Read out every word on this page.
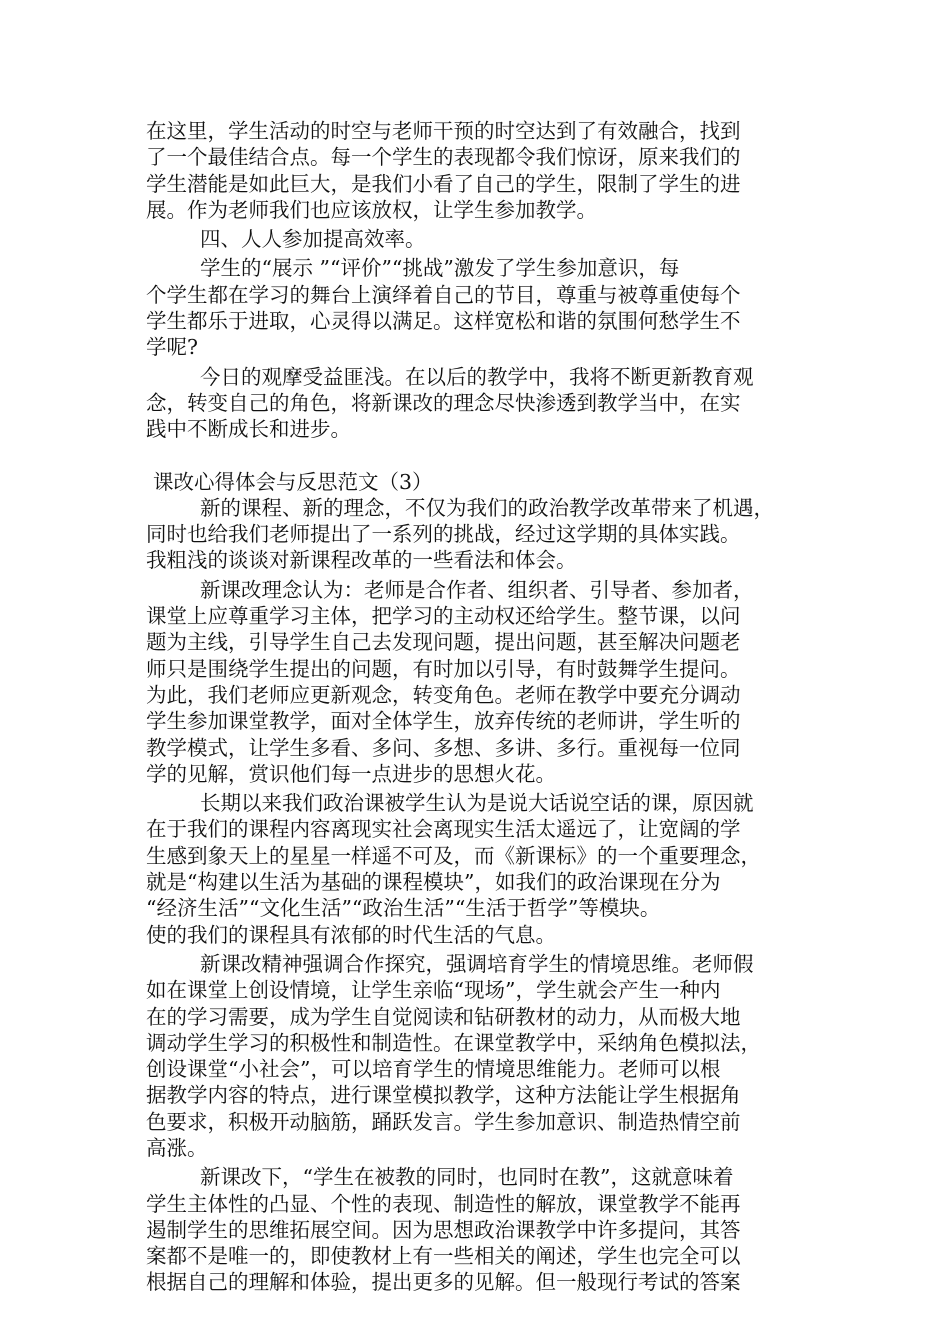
在这里，学生活动的时空与老师干预的时空达到了有效融合，找到
了一个最佳结合点。每一个学生的表现都令我们惊讶，原来我们的
学生潜能是如此巨大，是我们小看了自己的学生，限制了学生的进
展。作为老师我们也应该放权，让学生参加教学。
四、人人参加提高效率。
学生的“展示 ”“评价”“挑战”激发了学生参加意识，每
个学生都在学习的舞台上演绎着自己的节目，尊重与被尊重使每个
学生都乐于进取，心灵得以满足。这样宽松和谐的氛围何愁学生不
学呢?
今日的观摩受益匪浅。在以后的教学中，我将不断更新教育观
念，转变自己的角色，将新课改的理念尽快渗透到教学当中，在实
践中不断成长和进步。
课改心得体会与反思范文（3）
新的课程、新的理念，不仅为我们的政治教学改革带来了机遇，
同时也给我们老师提出了一系列的挑战，经过这学期的具体实践。
我粗浅的谈谈对新课程改革的一些看法和体会。
新课改理念认为：老师是合作者、组织者、引导者、参加者，
课堂上应尊重学习主体，把学习的主动权还给学生。整节课，以问
题为主线，引导学生自己去发现问题，提出问题，甚至解决问题老
师只是围绕学生提出的问题，有时加以引导，有时鼓舞学生提问。
为此，我们老师应更新观念，转变角色。老师在教学中要充分调动
学生参加课堂教学，面对全体学生，放弃传统的老师讲，学生听的
教学模式，让学生多看、多问、多想、多讲、多行。重视每一位同
学的见解，赏识他们每一点进步的思想火花。
长期以来我们政治课被学生认为是说大话说空话的课，原因就
在于我们的课程内容离现实社会离现实生活太遥远了，让宽阔的学
生感到象天上的星星一样遥不可及，而《新课标》的一个重要理念，
就是“构建以生活为基础的课程模块”，如我们的政治课现在分为
“经济生活”“文化生活”“政治生活”“生活于哲学”等模块。
使的我们的课程具有浓郁的时代生活的气息。
新课改精神强调合作探究，强调培育学生的情境思维。老师假
如在课堂上创设情境，让学生亲临“现场”，学生就会产生一种内
在的学习需要，成为学生自觉阅读和钻研教材的动力，从而极大地
调动学生学习的积极性和制造性。在课堂教学中，采纳角色模拟法，
创设课堂“小社会”，可以培育学生的情境思维能力。老师可以根
据教学内容的特点，进行课堂模拟教学，这种方法能让学生根据角
色要求，积极开动脑筋，踊跃发言。学生参加意识、制造热情空前
高涨。
新课改下，“学生在被教的同时，也同时在教”，这就意味着
学生主体性的凸显、个性的表现、制造性的解放，课堂教学不能再
遏制学生的思维拓展空间。因为思想政治课教学中许多提问，其答
案都不是唯一的，即使教材上有一些相关的阐述，学生也完全可以
根据自己的理解和体验，提出更多的见解。但一般现行考试的答案
